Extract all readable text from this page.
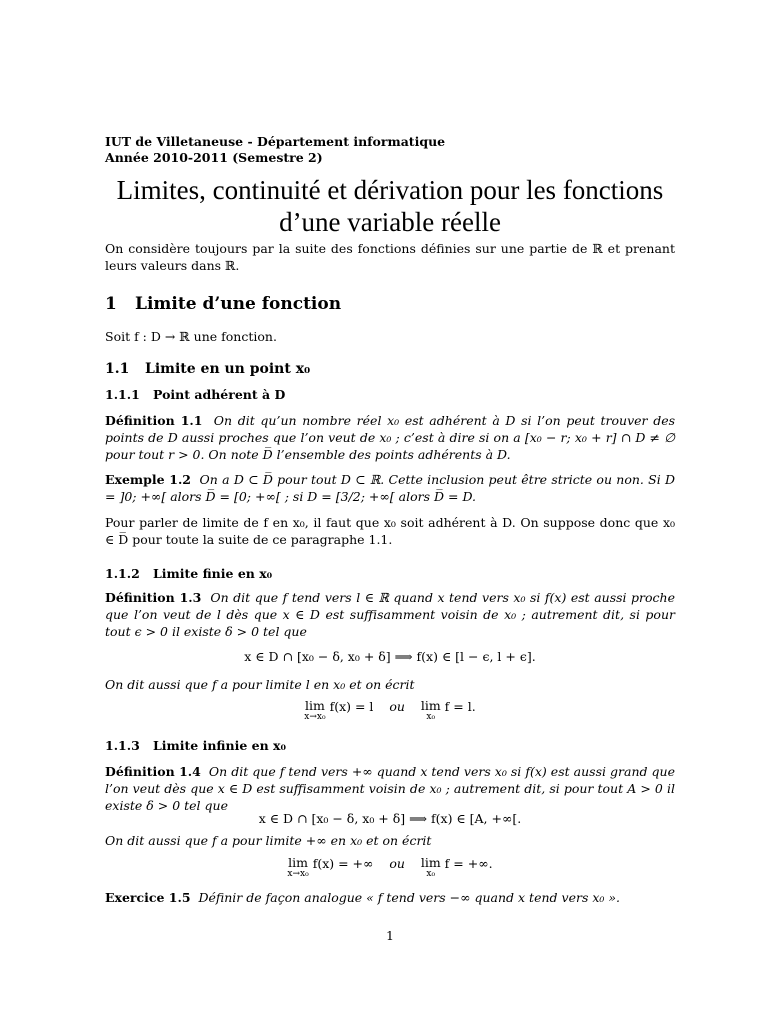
IUT de Villetaneuse - Département informatique
Année 2010-2011 (Semestre 2)
Limites, continuité et dérivation pour les fonctions
d’une variable réelle
On considère toujours par la suite des fonctions définies sur une partie de ℝ et prenant leurs valeurs dans ℝ.
1 Limite d’une fonction
Soit f : D → ℝ une fonction.
1.1 Limite en un point x₀
1.1.1 Point adhérent à D
Définition 1.1 On dit qu’un nombre réel x₀ est adhérent à D si l’on peut trouver des points de D aussi proches que l’on veut de x₀ ; c’est à dire si on a [x₀ − r; x₀ + r] ∩ D ≠ ∅ pour tout r > 0. On note D̅ l’ensemble des points adhérents à D.
Exemple 1.2 On a D ⊂ D̅ pour tout D ⊂ ℝ. Cette inclusion peut être stricte ou non. Si D = ]0; +∞[ alors D̅ = [0; +∞[ ; si D = [3/2; +∞[ alors D̅ = D.
Pour parler de limite de f en x₀, il faut que x₀ soit adhérent à D. On suppose donc que x₀ ∈ D̅ pour toute la suite de ce paragraphe 1.1.
1.1.2 Limite finie en x₀
Définition 1.3 On dit que f tend vers l ∈ ℝ quand x tend vers x₀ si f(x) est aussi proche que l’on veut de l dès que x ∈ D est suffisamment voisin de x₀ ; autrement dit, si pour tout ϵ > 0 il existe δ > 0 tel que
x ∈ D ∩ [x₀ − δ, x₀ + δ] ⟹ f(x) ∈ [l − ϵ, l + ϵ].
On dit aussi que f a pour limite l en x₀ et on écrit
lim
x→x₀
f(x) = l ou lim
x₀
f = l.
1.1.3 Limite infinie en x₀
Définition 1.4 On dit que f tend vers +∞ quand x tend vers x₀ si f(x) est aussi grand que l’on veut dès que x ∈ D est suffisamment voisin de x₀ ; autrement dit, si pour tout A > 0 il existe δ > 0 tel que
x ∈ D ∩ [x₀ − δ, x₀ + δ] ⟹ f(x) ∈ [A, +∞[.
On dit aussi que f a pour limite +∞ en x₀ et on écrit
lim
x→x₀
f(x) = +∞ ou lim
x₀
f = +∞.
Exercice 1.5 Définir de façon analogue « f tend vers −∞ quand x tend vers x₀ ».
1
